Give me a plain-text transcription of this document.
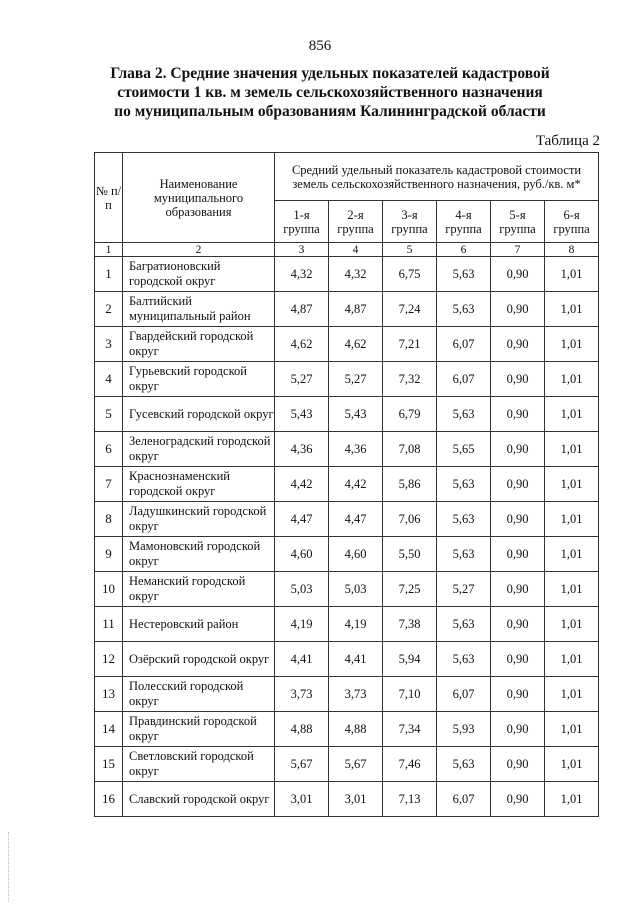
856
Глава 2. Средние значения удельных показателей кадастровой
стоимости 1 кв. м земель сельскохозяйственного назначения
по муниципальным образованиям Калининградской области
Таблица 2
№ п/п	Наименование муниципального образования	Средний удельный показатель кадастровой стоимости земель сельскохозяйственного назначения, руб./кв. м*					
		1-я группа	2-я группа	3-я группа	4-я группа	5-я группа	6-я группа
1	2	3	4	5	6	7	8
1	Багратионовский городской округ	4,32	4,32	6,75	5,63	0,90	1,01
2	Балтийский муниципальный район	4,87	4,87	7,24	5,63	0,90	1,01
3	Гвардейский городской округ	4,62	4,62	7,21	6,07	0,90	1,01
4	Гурьевский городской округ	5,27	5,27	7,32	6,07	0,90	1,01
5	Гусевский городской округ	5,43	5,43	6,79	5,63	0,90	1,01
6	Зеленоградский городской округ	4,36	4,36	7,08	5,65	0,90	1,01
7	Краснознаменский городской округ	4,42	4,42	5,86	5,63	0,90	1,01
8	Ладушкинский городской округ	4,47	4,47	7,06	5,63	0,90	1,01
9	Мамоновский городской округ	4,60	4,60	5,50	5,63	0,90	1,01
10	Неманский городской округ	5,03	5,03	7,25	5,27	0,90	1,01
11	Нестеровский район	4,19	4,19	7,38	5,63	0,90	1,01
12	Озёрский городской округ	4,41	4,41	5,94	5,63	0,90	1,01
13	Полесский городской округ	3,73	3,73	7,10	6,07	0,90	1,01
14	Правдинский городской округ	4,88	4,88	7,34	5,93	0,90	1,01
15	Светловский городской округ	5,67	5,67	7,46	5,63	0,90	1,01
16	Славский городской округ	3,01	3,01	7,13	6,07	0,90	1,01
